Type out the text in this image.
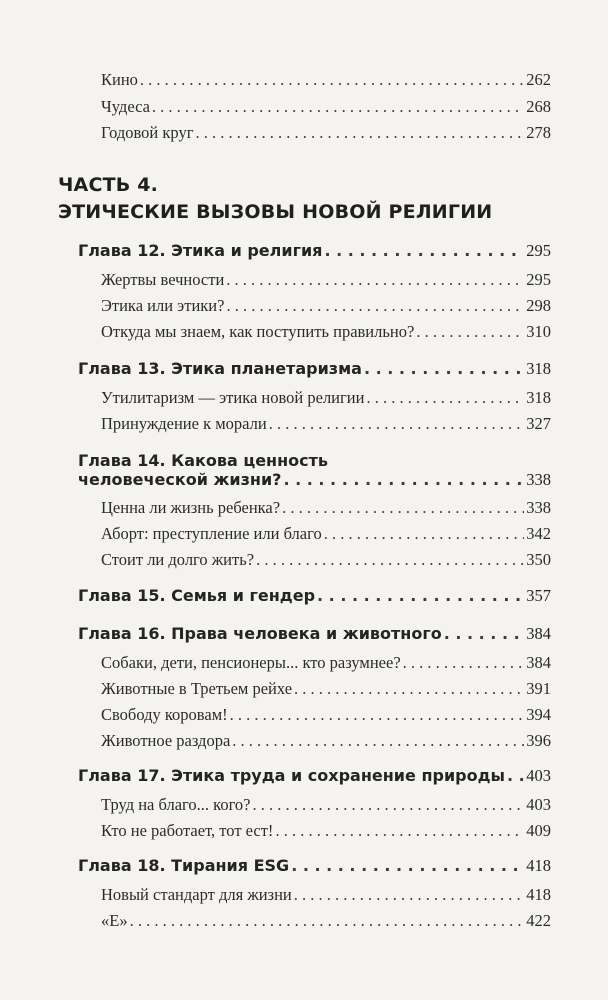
Кино . . .	262
Чудеса . . .	268
Годовой круг . . .	278
ЧАСТЬ 4.
ЭТИЧЕСКИЕ ВЫЗОВЫ НОВОЙ РЕЛИГИИ
Глава 12. Этика и религия . . .	295
Жертвы вечности . . .	295
Этика или этики? . . .	298
Откуда мы знаем, как поступить правильно? . . .	310
Глава 13. Этика планетаризма . . .	318
Утилитаризм — этика новой религии . . .	318
Принуждение к морали . . .	327
Глава 14. Какова ценность
человеческой жизни? . . .	338
Ценна ли жизнь ребенка? . . .	338
Аборт: преступление или благо . . .	342
Стоит ли долго жить? . . .	350
Глава 15. Семья и гендер . . .	357
Глава 16. Права человека и животного . . .	384
Собаки, дети, пенсионеры... кто разумнее? . . .	384
Животные в Третьем рейхе . . .	391
Свободу коровам! . . .	394
Животное раздора . . .	396
Глава 17. Этика труда и сохранение природы . . . 403
Труд на благо... кого? . . .	403
Кто не работает, тот ест! . . .	409
Глава 18. Тирания ESG . . .	418
Новый стандарт для жизни . . .	418
«Е» . . .	422
